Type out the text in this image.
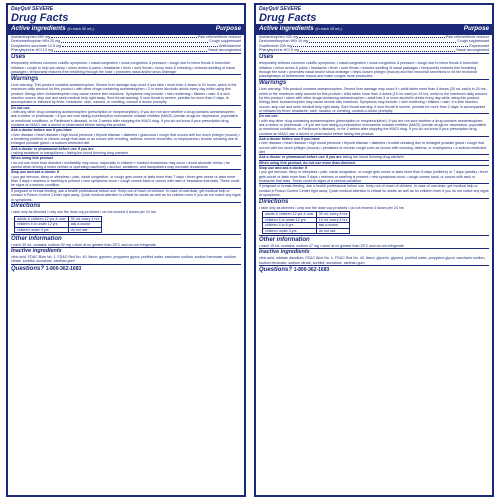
DayQuil SEVERE
Drug Facts
Active ingredients (in each 30 mL)	Purpose
Acetaminophen 650 mg	Pain reliever/fever reducer
Dextromethorphan HBr 20 mg	Cough suppressant
Doxylamine succinate 12.5 mg	Antihistamine
Phenylephrine HCl 10 mg	Nasal decongestant
Uses
temporarily relieves common cold/flu symptoms: • nasal congestion • sinus congestion & pressure • cough due to minor throat & bronchial irritation • cough to help you sleep • minor aches & pains • headache • fever • sore throat • runny nose & sneezing • reduces swelling of nasal passages • temporarily restores free breathing through the nose • promotes nasal and/or sinus drainage
Warnings
Liver warning: This product contains acetaminophen. Severe liver damage may occur if you take • more than 4 doses in 24 hours, which is the maximum daily amount for this product • with other drugs containing acetaminophen • 3 or more alcoholic drinks every day while using this product. Allergy alert: Acetaminophen may cause severe skin reactions. Symptoms may include: • skin reddening • blisters • rash. If a skin reaction occurs, stop use and seek medical help right away. Sore throat warning: If sore throat is severe, persists for more than 2 days, is accompanied or followed by fever, headache, rash, nausea, or vomiting, consult a doctor promptly.
Do not use
• with any other drug containing acetaminophen (prescription or nonprescription). If you are not sure whether a drug contains acetaminophen, ask a doctor or pharmacist. • if you are now taking a prescription monoamine oxidase inhibitor (MAOI) (certain drugs for depression, psychiatric or emotional conditions, or Parkinson's disease), or for 2 weeks after stopping the MAOI drug. If you do not know if your prescription drug contains an MAOI, ask a doctor or pharmacist before taking this product.
Ask a doctor before use if you have
• liver disease • heart disease • high blood pressure • thyroid disease • diabetes • glaucoma • cough that occurs with too much phlegm (mucus) • a breathing problem or chronic cough that lasts or as occurs with smoking, asthma, chronic bronchitis, or emphysema • trouble urinating due to enlarged prostate gland • a sodium-restricted diet
Ask a doctor or pharmacist before use if you are
• taking sedatives or tranquilizers • taking the blood thinning drug warfarin
When using this product
• do not use more than directed • excitability may occur, especially in children • marked drowsiness may occur • avoid alcoholic drinks • be careful when driving a motor vehicle or operating machinery • alcohol, sedatives, and tranquilizers may increase drowsiness
Stop use and ask a doctor if
• you get nervous, dizzy or sleepless • pain, nasal congestion, or cough gets worse or lasts more than 7 days • fever gets worse or lasts more than 3 days • redness or swelling is present • new symptoms occur • cough comes back or occurs with rash or headache that lasts. These could be signs of a serious condition.
If pregnant or breast-feeding, ask a health professional before use. Keep out of reach of children. In case of overdose, get medical help or contact a Poison Control Center right away. Quick medical attention is critical for adults as well as for children even if you do not notice any signs or symptoms.
Directions
• take only as directed • only use the dose cup provided • do not exceed 4 doses per 24 hrs
adults & children 12 yrs & over	30 mL every 4 hrs
children 4 to under 12 yrs	ask a doctor
children under 4 yrs	do not use
Other information
• each 30 mL contains: sodium 92 mg • store at no greater than 25°C and do not refrigerate
Inactive ingredients
citric acid, FD&C Blue No. 1, FD&C Red No. 40, flavor, glycerin, propylene glycol, purified water, saccharin sodium, sodium benzoate, sodium citrate, sorbitol, sucralose, xanthan gum
Questions? 1-800-362-1683
DayQuil SEVERE
Drug Facts
Active ingredients (in each 15 mL)	Purpose
Acetaminophen 325 mg	Pain reliever/fever reducer
Dextromethorphan HBr 10 mg	Cough suppressant
Guaifenesin 200 mg	Expectorant
Phenylephrine HCl 5 mg	Nasal decongestant
Uses
temporarily relieves common cold/flu symptoms: • nasal congestion • sinus congestion & pressure • cough due to minor throat & bronchial irritation • minor aches & pains • headache • fever • sore throat • reduces swelling of nasal passages • temporarily restores free breathing through the nose • promotes nasal and/or sinus drainage • helps loosen phlegm (mucus) and thin bronchial secretions to rid the bronchial passageways of bothersome mucus and make coughs more productive.
Warnings
Liver warning: This product contains acetaminophen. Severe liver damage may occur if • adult takes more than 4 doses (30 mL each) in 24 hrs, which is the maximum daily amount for this product • child takes more than 4 doses (15 mL each) in 24 hrs, which is the maximum daily amount for this product • taken with other drugs containing acetaminophen • adult has 3 or more alcoholic drinks every day while using this product. Allergy alert: Acetaminophen may cause severe skin reactions. Symptoms may include: • skin reddening • blisters • rash. If a skin reaction occurs, stop use and seek medical help right away. Sore throat warning: If sore throat is severe, persists for more than 2 days, is accompanied or followed by fever, headache, rash, nausea, or vomiting, consult a doctor promptly.
Do not use
• with any other drug containing acetaminophen (prescription or nonprescription). If you are not sure whether a drug contains acetaminophen, ask a doctor or pharmacist. • if you are now taking a prescription monoamine oxidase inhibitor (MAOI) (certain drugs for depression, psychiatric or emotional conditions, or Parkinson's disease), or for 2 weeks after stopping the MAOI drug. If you do not know if your prescription drug contains an MAOI, ask a doctor or pharmacist before taking this product.
Ask a doctor before use if you have
• liver disease • heart disease • high blood pressure • thyroid disease • diabetes • trouble urinating due to enlarged prostate gland • cough that occurs with too much phlegm (mucus) • persistent or chronic cough such as occurs with smoking, asthma, or emphysema • a sodium-restricted diet
Ask a doctor or pharmacist before use if you are taking the blood thinning drug warfarin
When using this product, do not use more than directed.
Stop use and ask a doctor if
• you get nervous, dizzy or sleepless • pain, nasal congestion, or cough gets worse or lasts more than 5 days (children) or 7 days (adults) • fever gets worse or lasts more than 3 days • redness or swelling is present • new symptoms occur • cough comes back, or occurs with rash or headache that lasts. These could be signs of a serious condition.
If pregnant or breast-feeding, ask a health professional before use. Keep out of reach of children. In case of overdose, get medical help or contact a Poison Control Center right away. Quick medical attention is critical for adults as well as for children even if you do not notice any signs or symptoms.
Directions
• take only as directed • only use the dose cup provided • do not exceed 4 doses per 24 hrs
adults & children 12 yrs & over	30 mL every 4 hrs
children 4 to under 12 yrs	15 mL every 4 hrs
children 4 to 6 yrs	ask a doctor
children under 4 yrs	do not use
Other information
• each 15 mL contains: sodium 47 mg • store at no greater than 25°C and do not refrigerate
Inactive ingredients
citric acid, edetate disodium, FD&C Blue No. 1, FD&C Red No. 40, flavor, glycerin, glycerol, purified water, propylene glycol, saccharin sodium, sodium benzoate, sodium citrate, sorbitol, sucralose, xanthan gum
Questions? 1-800-362-1683
